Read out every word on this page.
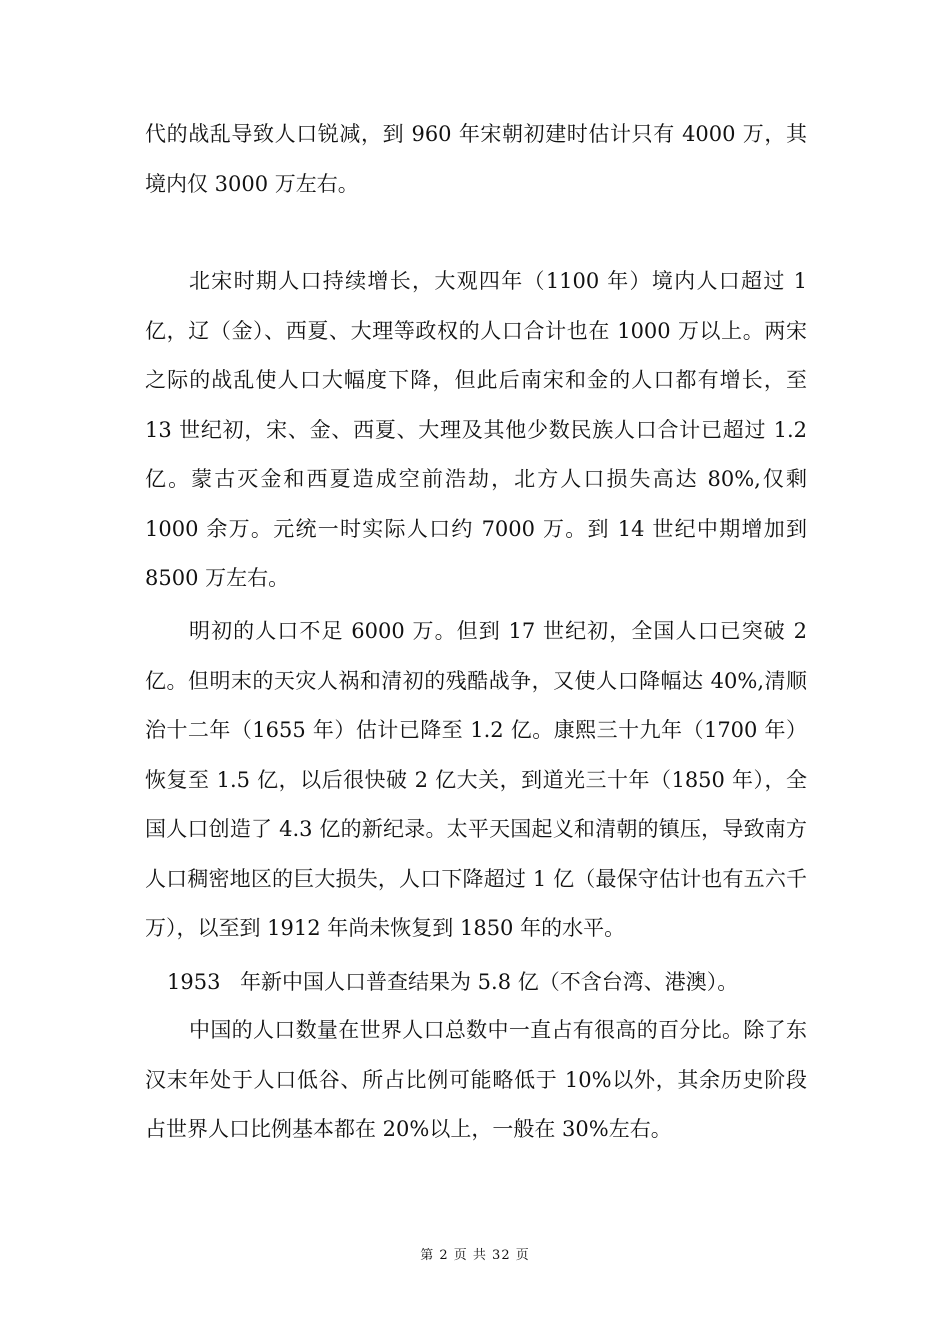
代的战乱导致人口锐减，到 960 年宋朝初建时估计只有 4000 万，其境内仅 3000 万左右。

北宋时期人口持续增长，大观四年（1100 年）境内人口超过 1 亿，辽（金）、西夏、大理等政权的人口合计也在 1000 万以上。两宋之际的战乱使人口大幅度下降，但此后南宋和金的人口都有增长，至 13 世纪初，宋、金、西夏、大理及其他少数民族人口合计已超过 1.2 亿。蒙古灭金和西夏造成空前浩劫，北方人口损失高达 80%,仅剩 1000 余万。元统一时实际人口约 7000 万。到 14 世纪中期增加到 8500 万左右。

明初的人口不足 6000 万。但到 17 世纪初，全国人口已突破 2 亿。但明末的天灾人祸和清初的残酷战争，又使人口降幅达 40%,清顺治十二年（1655 年）估计已降至 1.2 亿。康熙三十九年（1700 年）恢复至 1.5 亿，以后很快破 2 亿大关，到道光三十年（1850 年），全国人口创造了 4.3 亿的新纪录。太平天国起义和清朝的镇压，导致南方人口稠密地区的巨大损失，人口下降超过 1 亿（最保守估计也有五六千万），以至到 1912 年尚未恢复到 1850 年的水平。

1953 年新中国人口普查结果为 5.8 亿（不含台湾、港澳）。

中国的人口数量在世界人口总数中一直占有很高的百分比。除了东汉末年处于人口低谷、所占比例可能略低于 10%以外，其余历史阶段占世界人口比例基本都在 20%以上，一般在 30%左右。

第 2 页 共 32 页
